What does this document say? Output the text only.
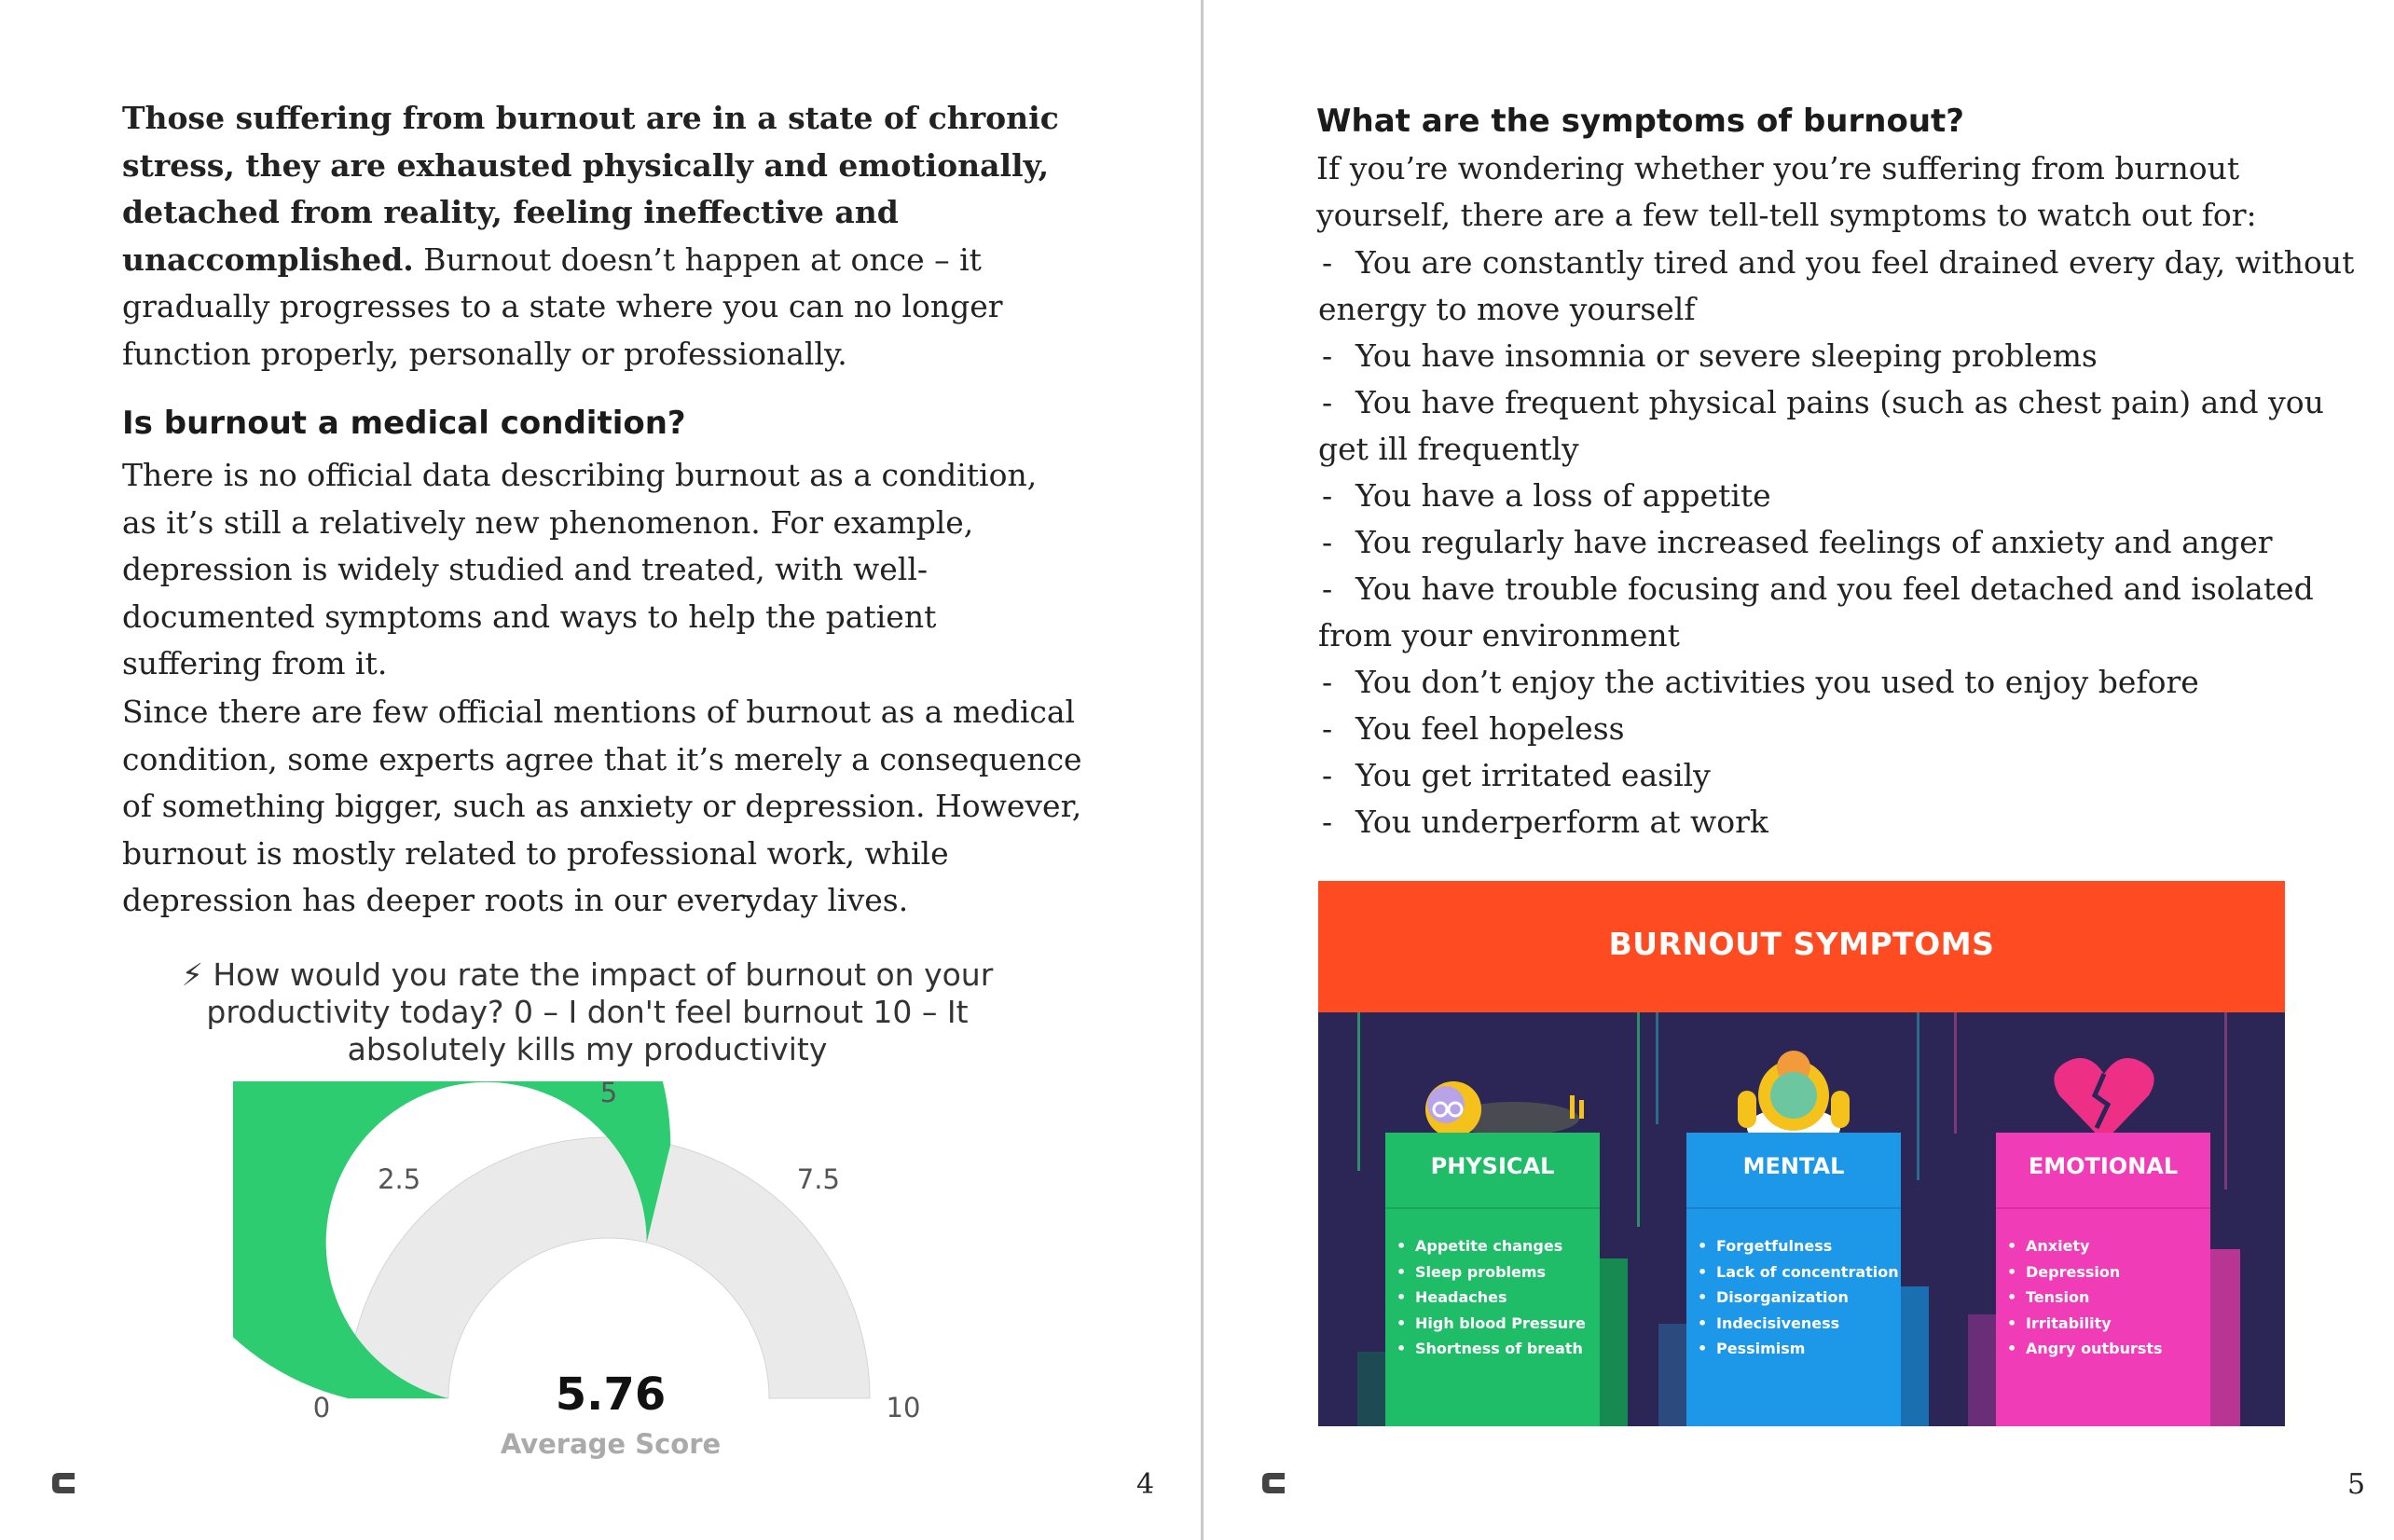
Those suffering from burnout are in a state of chronic stress, they are exhausted physically and emotionally, detached from reality, feeling ineffective and unaccomplished. Burnout doesn’t happen at once – it gradually progresses to a state where you can no longer function properly, personally or professionally.

Is burnout a medical condition?

There is no official data describing burnout as a condition, as it’s still a relatively new phenomenon. For example, depression is widely studied and treated, with well-documented symptoms and ways to help the patient suffering from it.

Since there are few official mentions of burnout as a medical condition, some experts agree that it’s merely a consequence of something bigger, such as anxiety or depression. However, burnout is mostly related to professional work, while depression has deeper roots in our everyday lives.

⚡ How would you rate the impact of burnout on your productivity today? 0 – I don't feel burnout 10 – It absolutely kills my productivity
0
2.5
5
7.5
10
5.76
Average Score
4
What are the symptoms of burnout?

If you’re wondering whether you’re suffering from burnout yourself, there are a few tell-tell symptoms to watch out for:

- You are constantly tired and you feel drained every day, without energy to move yourself
- You have insomnia or severe sleeping problems
- You have frequent physical pains (such as chest pain) and you get ill frequently
- You have a loss of appetite
- You regularly have increased feelings of anxiety and anger
- You have trouble focusing and you feel detached and isolated from your environment
- You don’t enjoy the activities you used to enjoy before
- You feel hopeless
- You get irritated easily
- You underperform at work
BURNOUT SYMPTOMS
PHYSICAL
• Appetite changes
• Sleep problems
• Headaches
• High blood Pressure
• Shortness of breath
MENTAL
• Forgetfulness
• Lack of concentration
• Disorganization
• Indecisiveness
• Pessimism
EMOTIONAL
• Anxiety
• Depression
• Tension
• Irritability
• Angry outbursts
5
